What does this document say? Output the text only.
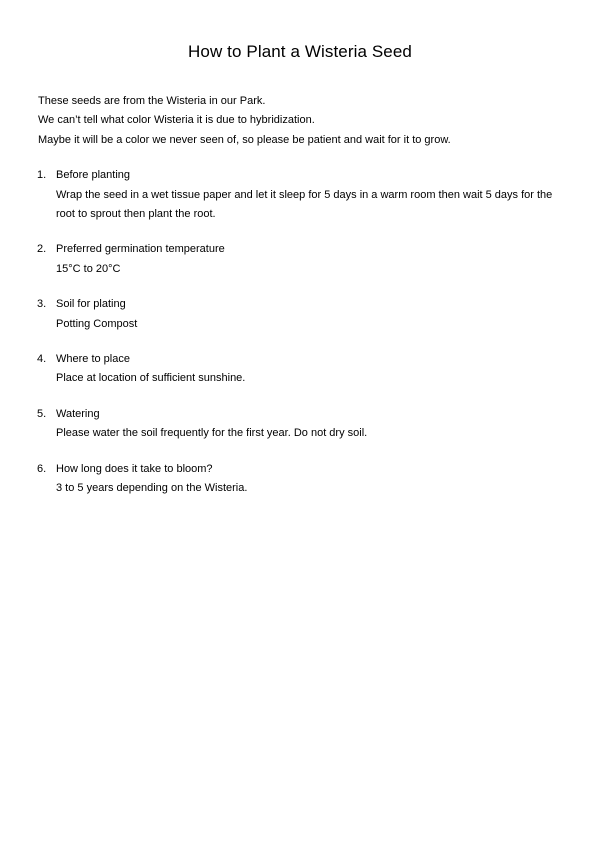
How to Plant a Wisteria Seed
These seeds are from the Wisteria in our Park.
We can’t tell what color Wisteria it is due to hybridization.
Maybe it will be a color we never seen of, so please be patient and wait for it to grow.
1. Before planting
Wrap the seed in a wet tissue paper and let it sleep for 5 days in a warm room then wait 5 days for the
root to sprout then plant the root.
2. Preferred germination temperature
15°C to 20°C
3. Soil for plating
Potting Compost
4. Where to place
Place at location of sufficient sunshine.
5. Watering
Please water the soil frequently for the first year. Do not dry soil.
6. How long does it take to bloom?
3 to 5 years depending on the Wisteria.
